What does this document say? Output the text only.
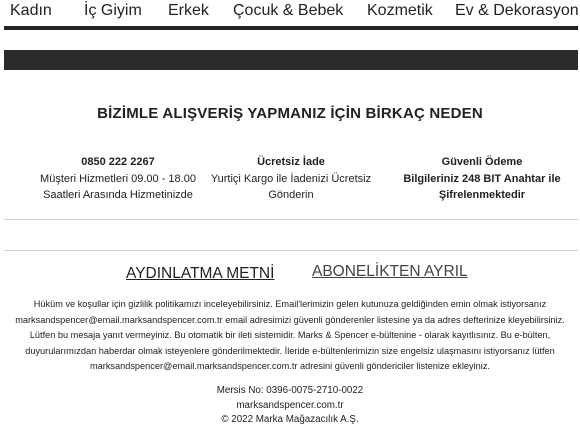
Kadın İç Giyim Erkek Çocuk & Bebek Kozmetik Ev & Dekorasyon
BİZİMLE ALIŞVERİŞ YAPMANIZ İÇİN BİRKAÇ NEDEN
0850 222 2267
Müşteri Hizmetleri 09.00 - 18.00 Saatleri Arasında Hizmetinizde
Ücretsiz İade
Yurtiçi Kargo ile İadenizi Ücretsiz Gönderin
Güvenli Ödeme
Bilgileriniz 248 BIT Anahtar ile Şifrelenmektedir
AYDINLATMA METNİ ABONELİKTEN AYRIL
Hüküm ve koşullar için gizlilik politikamızı inceleyebilirsiniz. Email'lerimizin gelen kutunuza geldiğinden emin olmak istiyorsanız marksandspencer@email.marksandspencer.com.tr email adresimizi güvenli gönderenler listesine ya da adres defterinize kleyebilirsiniz. Lütfen bu mesaja yanıt vermeyiniz. Bu otomatik bir ileti sistemidir. Marks & Spencer e-bültenine - olarak kayıtlısınız. Bu e-bülten, duyurularımızdan haberdar olmak isteyenlere gönderilmektedir. İleride e-bültenlerimizin size engelsiz ulaşmasını istiyorsanız lütfen marksandspencer@email.marksandspencer.com.tr adresini güvenli göndericiler listenize ekleyiniz.
Mersis No: 0396-0075-2710-0022
marksandspencer.com.tr
© 2022 Marka Mağazacılık A.Ş.
